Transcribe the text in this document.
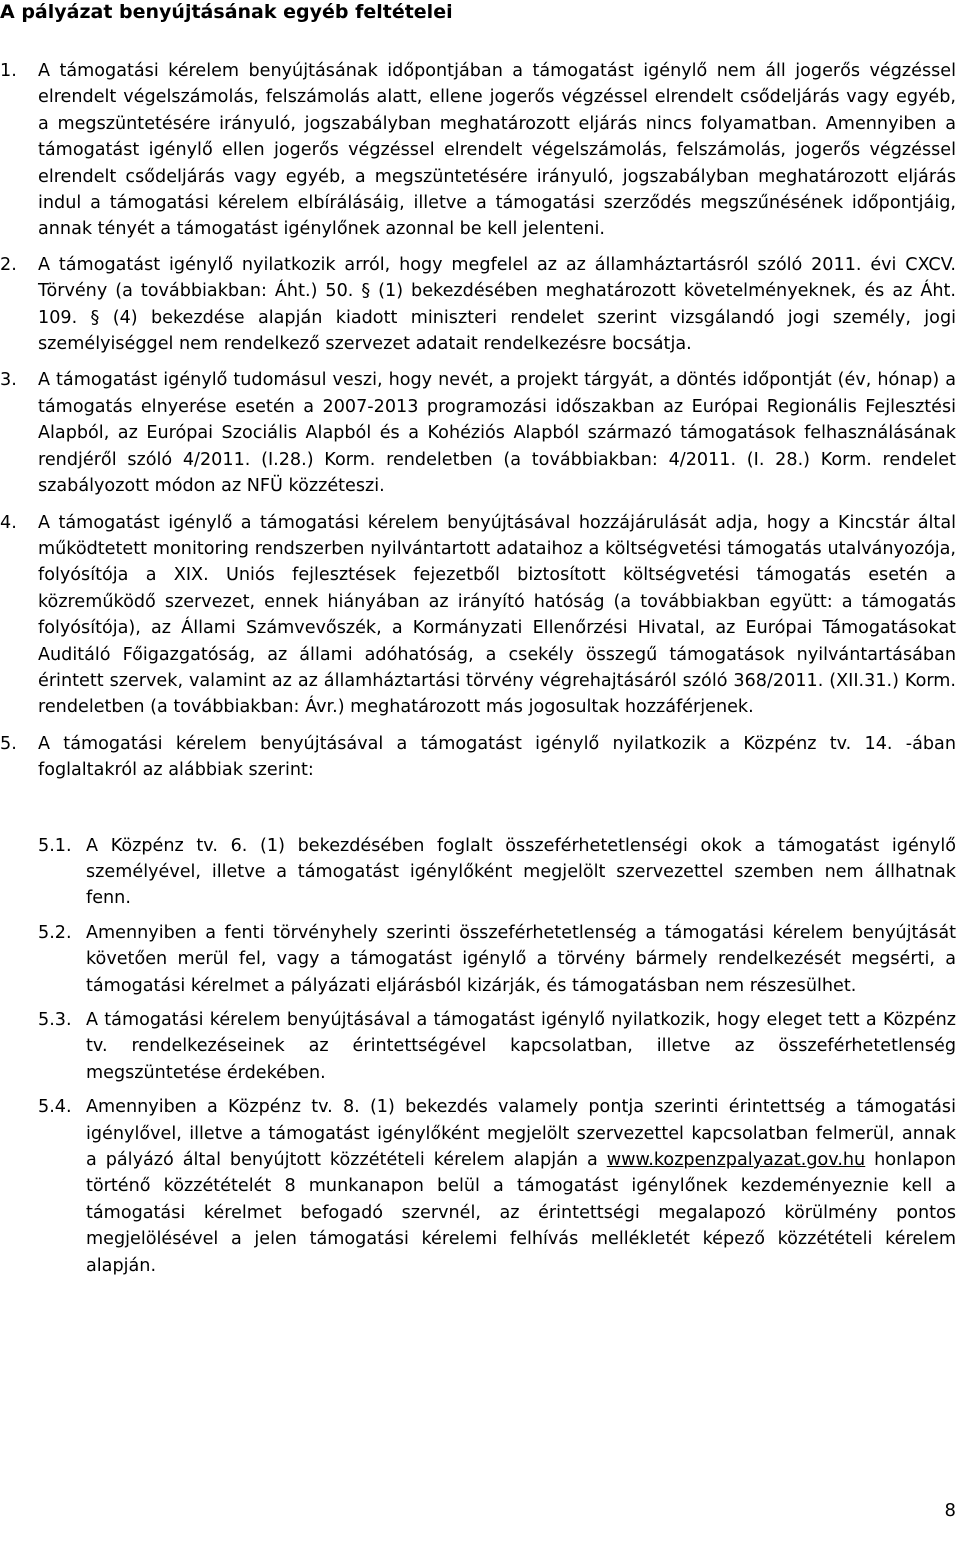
A pályázat benyújtásának egyéb feltételei
1. A támogatási kérelem benyújtásának időpontjában a támogatást igénylő nem áll jogerős végzéssel elrendelt végelszámolás, felszámolás alatt, ellene jogerős végzéssel elrendelt csődeljárás vagy egyéb, a megszüntetésére irányuló, jogszabályban meghatározott eljárás nincs folyamatban. Amennyiben a támogatást igénylő ellen jogerős végzéssel elrendelt végelszámolás, felszámolás, jogerős végzéssel elrendelt csődeljárás vagy egyéb, a megszüntetésére irányuló, jogszabályban meghatározott eljárás indul a támogatási kérelem elbírálásáig, illetve a támogatási szerződés megszűnésének időpontjáig, annak tényét a támogatást igénylőnek azonnal be kell jelenteni.
2. A támogatást igénylő nyilatkozik arról, hogy megfelel az az államháztartásról szóló 2011. évi CXCV. Törvény (a továbbiakban: Áht.) 50. § (1) bekezdésében meghatározott követelményeknek, és az Áht. 109. § (4) bekezdése alapján kiadott miniszteri rendelet szerint vizsgálandó jogi személy, jogi személyiséggel nem rendelkező szervezet adatait rendelkezésre bocsátja.
3. A támogatást igénylő tudomásul veszi, hogy nevét, a projekt tárgyát, a döntés időpontját (év, hónap) a támogatás elnyerése esetén a 2007-2013 programozási időszakban az Európai Regionális Fejlesztési Alapból, az Európai Szociális Alapból és a Kohéziós Alapból származó támogatások felhasználásának rendjéről szóló 4/2011. (I.28.) Korm. rendeletben (a továbbiakban: 4/2011. (I. 28.) Korm. rendelet szabályozott módon az NFÜ közzéteszi.
4. A támogatást igénylő a támogatási kérelem benyújtásával hozzájárulását adja, hogy a Kincstár által működtetett monitoring rendszerben nyilvántartott adataihoz a költségvetési támogatás utalványozója, folyósítója a XIX. Uniós fejlesztések fejezetből biztosított költségvetési támogatás esetén a közreműködő szervezet, ennek hiányában az irányító hatóság (a továbbiakban együtt: a támogatás folyósítója), az Állami Számvevőszék, a Kormányzati Ellenőrzési Hivatal, az Európai Támogatásokat Auditáló Főigazgatóság, az állami adóhatóság, a csekély összegű támogatások nyilvántartásában érintett szervek, valamint az az államháztartási törvény végrehajtásáról szóló 368/2011. (XII.31.) Korm. rendeletben (a továbbiakban: Ávr.) meghatározott más jogosultak hozzáférjenek.
5. A támogatási kérelem benyújtásával a támogatást igénylő nyilatkozik a Közpénz tv. 14. -ában foglaltakról az alábbiak szerint:
5.1. A Közpénz tv. 6. (1) bekezdésében foglalt összeférhetetlenségi okok a támogatást igénylő személyével, illetve a támogatást igénylőként megjelölt szervezettel szemben nem állhatnak fenn.
5.2. Amennyiben a fenti törvényhely szerinti összeférhetetlenség a támogatási kérelem benyújtását követően merül fel, vagy a támogatást igénylő a törvény bármely rendelkezését megsérti, a támogatási kérelmet a pályázati eljárásból kizárják, és támogatásban nem részesülhet.
5.3. A támogatási kérelem benyújtásával a támogatást igénylő nyilatkozik, hogy eleget tett a Közpénz tv. rendelkezéseinek az érintettségével kapcsolatban, illetve az összeférhetetlenség megszüntetése érdekében.
5.4. Amennyiben a Közpénz tv. 8. (1) bekezdés valamely pontja szerinti érintettség a támogatási igénylővel, illetve a támogatást igénylőként megjelölt szervezettel kapcsolatban felmerül, annak a pályázó által benyújtott közzétételi kérelem alapján a www.kozpenzpalyazat.gov.hu honlapon történő közzétételét 8 munkanapon belül a támogatást igénylőnek kezdeményeznie kell a támogatási kérelmet befogadó szervnél, az érintettségi megalapozó körülmény pontos megjelölésével a jelen támogatási kérelemi felhívás mellékletét képező közzétételi kérelem alapján.
8
